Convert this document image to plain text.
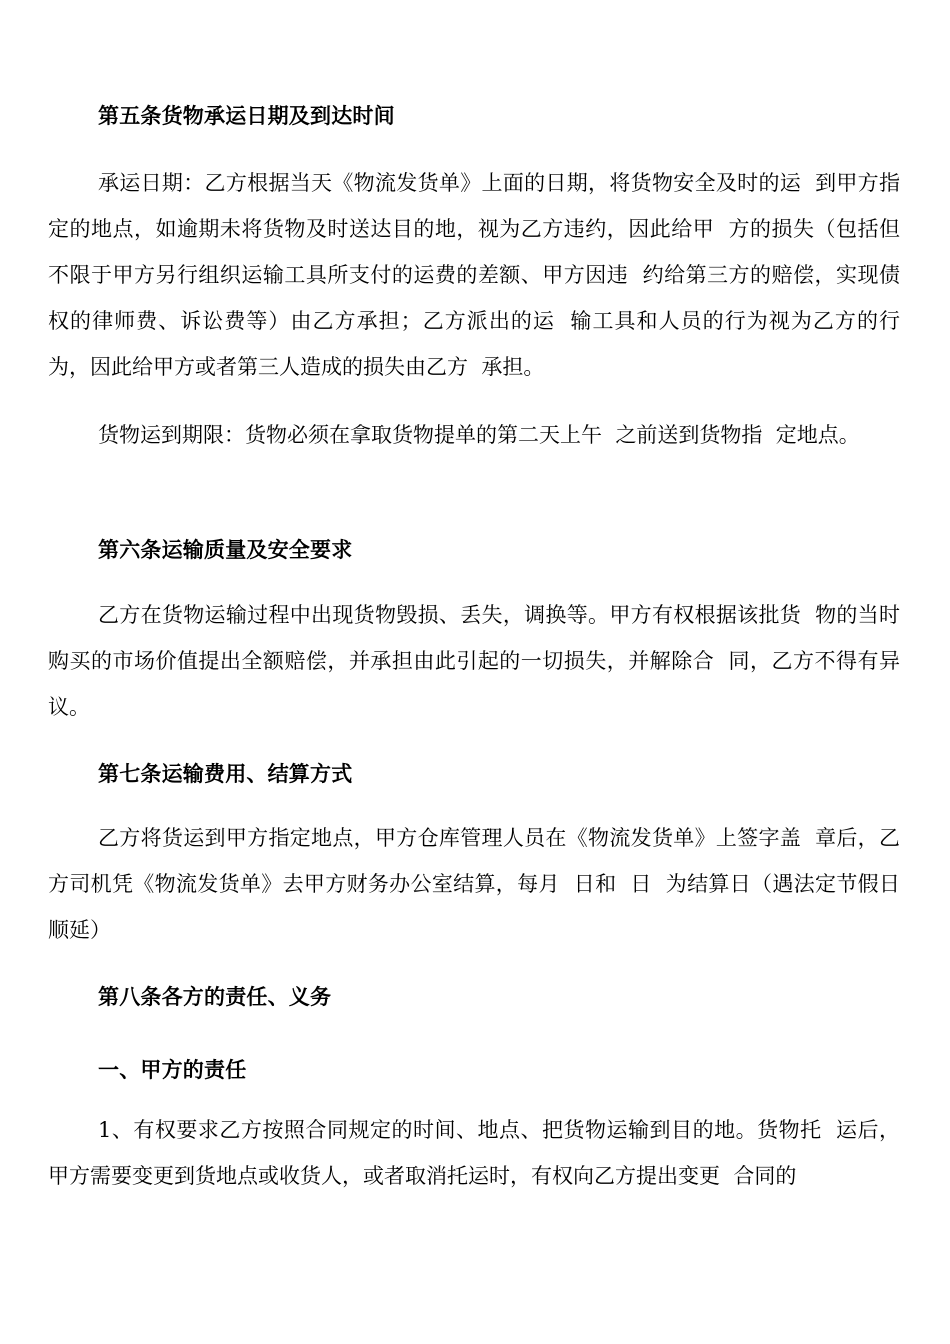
第五条货物承运日期及到达时间

承运日期：乙方根据当天《物流发货单》上面的日期，将货物安全及时的运  到甲方指定的地点，如逾期未将货物及时送达目的地，视为乙方违约，因此给甲  方的损失（包括但不限于甲方另行组织运输工具所支付的运费的差额、甲方因违  约给第三方的赔偿，实现债权的律师费、诉讼费等）由乙方承担；乙方派出的运  输工具和人员的行为视为乙方的行为，因此给甲方或者第三人造成的损失由乙方  承担。

货物运到期限：货物必须在拿取货物提单的第二天上午  之前送到货物指  定地点。

第六条运输质量及安全要求

乙方在货物运输过程中出现货物毁损、丢失，调换等。甲方有权根据该批货  物的当时购买的市场价值提出全额赔偿，并承担由此引起的一切损失，并解除合  同，乙方不得有异议。

第七条运输费用、结算方式

乙方将货运到甲方指定地点，甲方仓库管理人员在《物流发货单》上签字盖  章后，乙方司机凭《物流发货单》去甲方财务办公室结算，每月  日和  日  为结算日（遇法定节假日顺延）

第八条各方的责任、义务
一、甲方的责任

1、有权要求乙方按照合同规定的时间、地点、把货物运输到目的地。货物托  运后，甲方需要变更到货地点或收货人，或者取消托运时，有权向乙方提出变更  合同的
